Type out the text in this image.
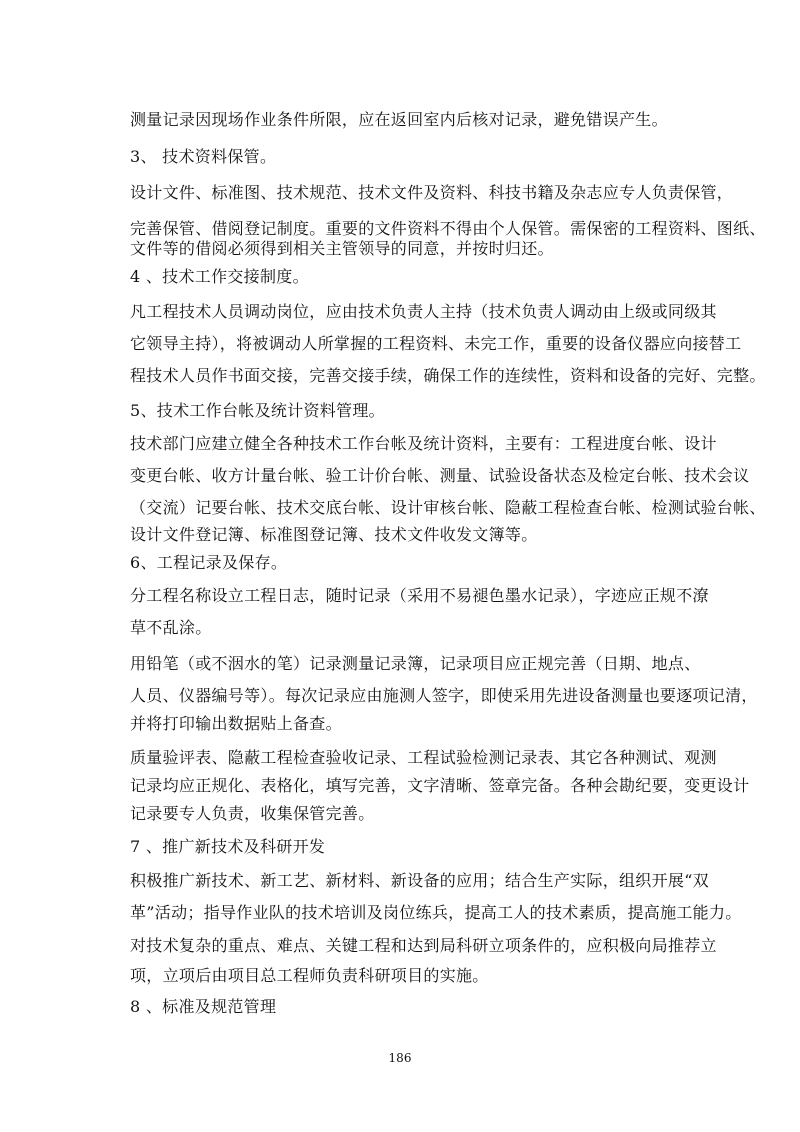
测量记录因现场作业条件所限，应在返回室内后核对记录，避免错误产生。
3、 技术资料保管。
设计文件、标准图、技术规范、技术文件及资料、科技书籍及杂志应专人负责保管，
完善保管、借阅登记制度。重要的文件资料不得由个人保管。需保密的工程资料、图纸、
文件等的借阅必须得到相关主管领导的同意，并按时归还。
4 、技术工作交接制度。
凡工程技术人员调动岗位，应由技术负责人主持（技术负责人调动由上级或同级其
它领导主持），将被调动人所掌握的工程资料、未完工作，重要的设备仪器应向接替工
程技术人员作书面交接，完善交接手续，确保工作的连续性，资料和设备的完好、完整。
5、技术工作台帐及统计资料管理。
技术部门应建立健全各种技术工作台帐及统计资料，主要有：工程进度台帐、设计
变更台帐、收方计量台帐、验工计价台帐、测量、试验设备状态及检定台帐、技术会议
（交流）记要台帐、技术交底台帐、设计审核台帐、隐蔽工程检查台帐、检测试验台帐、
设计文件登记簿、标准图登记簿、技术文件收发文簿等。
6、工程记录及保存。
分工程名称设立工程日志，随时记录（采用不易褪色墨水记录），字迹应正规不潦
草不乱涂。
用铅笔（或不洇水的笔）记录测量记录簿，记录项目应正规完善（日期、地点、
人员、仪器编号等）。每次记录应由施测人签字，即使采用先进设备测量也要逐项记清，
并将打印输出数据贴上备查。
质量验评表、隐蔽工程检查验收记录、工程试验检测记录表、其它各种测试、观测
记录均应正规化、表格化，填写完善，文字清晰、签章完备。各种会勘纪要，变更设计
记录要专人负责，收集保管完善。
7 、推广新技术及科研开发
积极推广新技术、新工艺、新材料、新设备的应用；结合生产实际，组织开展“双
革”活动；指导作业队的技术培训及岗位练兵，提高工人的技术素质，提高施工能力。
对技术复杂的重点、难点、关键工程和达到局科研立项条件的，应积极向局推荐立
项，立项后由项目总工程师负责科研项目的实施。
8 、标准及规范管理
186
